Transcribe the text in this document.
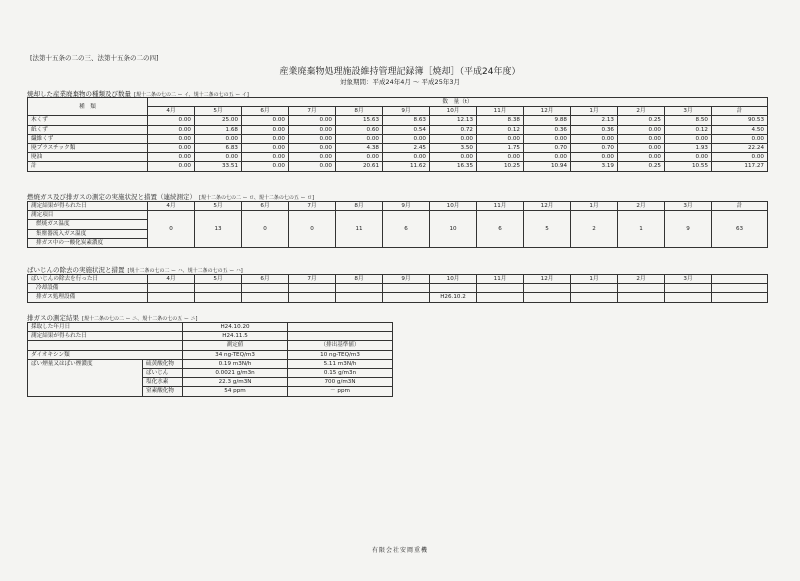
[法第十五条の二の三、法第十五条の二の四]
産業廃棄物処理施設維持管理記録簿［焼却］（平成24年度）
対象期間：平成24年4月 ～ 平成25年3月
焼却した産業廃棄物の種類及び数量 [規十二条の七の二 ー イ、規十二条の七の五 ー イ]
種　類	数　量（t）												
	4月	5月	6月	7月	8月	9月	10月	11月	12月	1月	2月	3月	計
木くず	0.00	25.00	0.00	0.00	15.63	8.63	12.13	8.38	9.88	2.13	0.25	8.50	90.53
紙くず	0.00	1.68	0.00	0.00	0.60	0.54	0.72	0.12	0.36	0.36	0.00	0.12	4.50
繊維くず	0.00	0.00	0.00	0.00	0.00	0.00	0.00	0.00	0.00	0.00	0.00	0.00	0.00
廃プラスチック類	0.00	6.83	0.00	0.00	4.38	2.45	3.50	1.75	0.70	0.70	0.00	1.93	22.24
廃油	0.00	0.00	0.00	0.00	0.00	0.00	0.00	0.00	0.00	0.00	0.00	0.00	0.00
計	0.00	33.51	0.00	0.00	20.61	11.62	16.35	10.25	10.94	3.19	0.25	10.55	117.27
燃焼ガス及び排ガスの測定の実施状況と措置（連続測定） [規十二条の七の二 ー ロ、規十二条の七の五 ー ロ]
測定結果が得られた日	4月	5月	6月	7月	8月	9月	10月	11月	12月	1月	2月	3月	計
測定項目	0	13	0	0	11	6	10	6	5	2	1	9	63
燃焼ガス温度													
集塵器流入ガス温度													
排ガス中の一酸化炭素濃度													
ばいじんの除去の実施状況と措置 [規十二条の七の二 ー ハ、規十二条の七の五 ー ハ]
ばいじんの除去を行った日	4月	5月	6月	7月	8月	9月	10月	11月	12月	1月	2月	3月	
冷却設備													
排ガス処理設備							H26.10.2						
排ガスの測定結果 [規十二条の七の二 ー ニ、規十二条の七の五 ー ニ]
採取した年月日		H24.10.20	
測定結果が得られた日		H24.11.5	
		測定値	（排出基準値）
ダイオキシン類		34 ng-TEQ/m3	10 ng-TEQ/m3
ばい煙量又はばい煙濃度	硫黄酸化物	0.19 m3N/h	5.11 m3N/h
	ばいじん	0.0021 g/m3n	0.15 g/m3n
	塩化水素	22.3 g/m3N	700 g/m3N
	窒素酸化物	54 ppm	－ ppm
有限会社安岡重機
